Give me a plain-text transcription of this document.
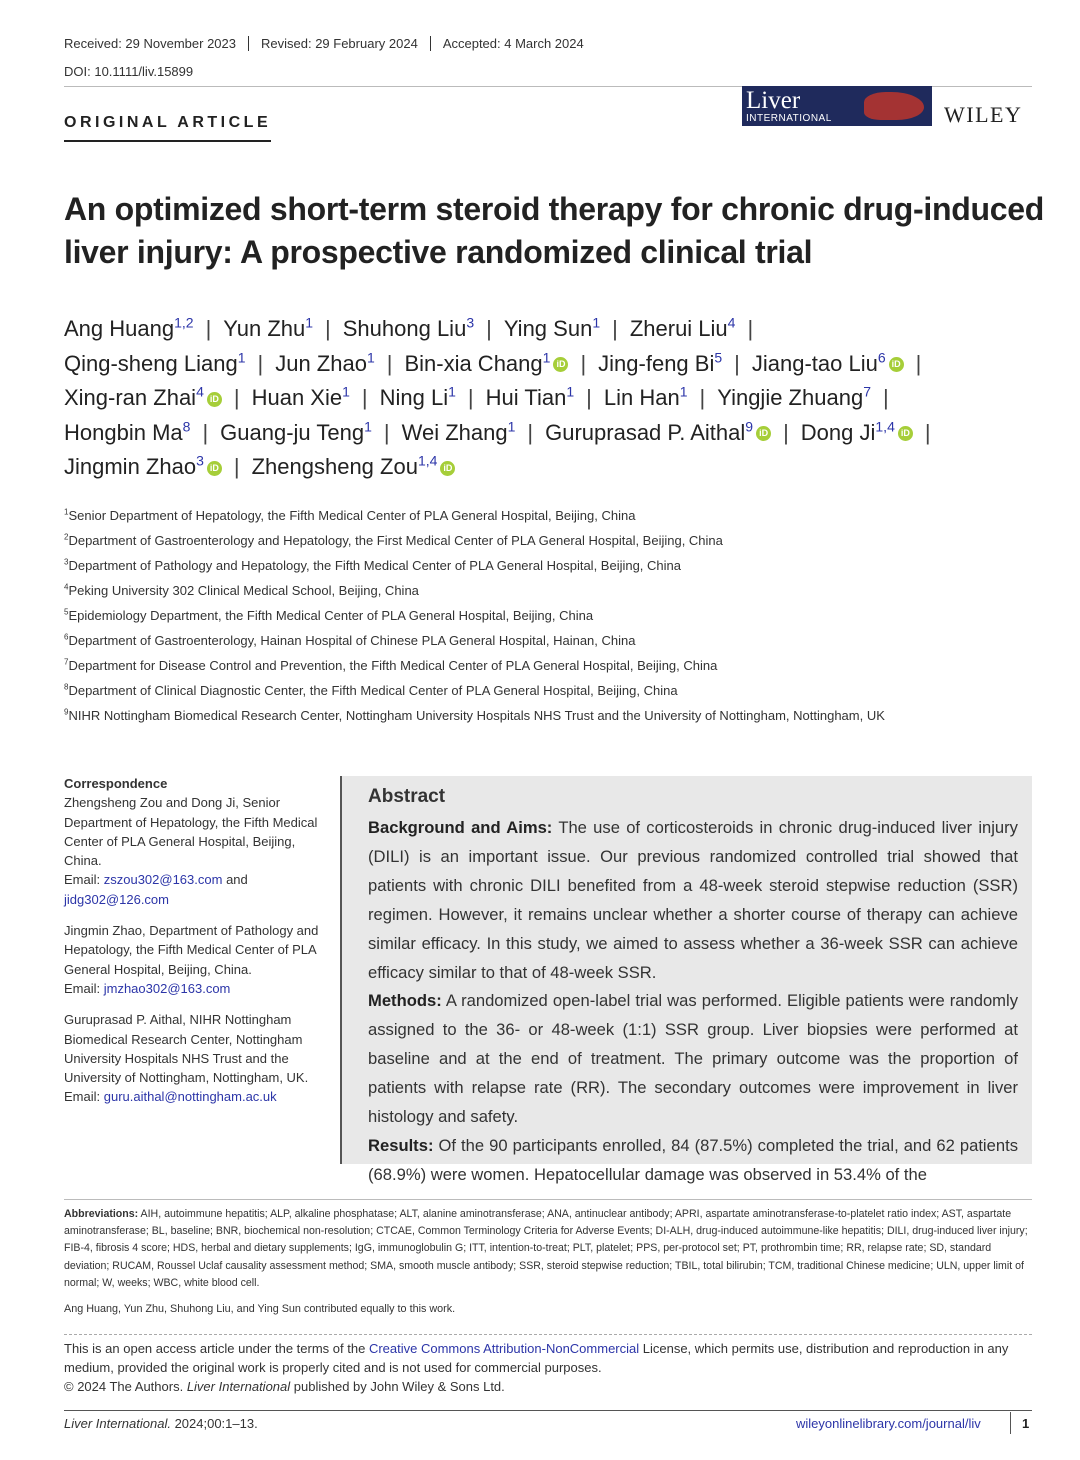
Received: 29 November 2023	Revised: 29 February 2024	Accepted: 4 March 2024
DOI: 10.1111/liv.15899
ORIGINAL ARTICLE
Liver
INTERNATIONAL	WILEY
An optimized short-term steroid therapy for chronic drug-induced liver injury: A prospective randomized clinical trial
Ang Huang$^{1,2}$ | Yun Zhu$^1$ | Shuhong Liu$^3$ | Ying Sun$^1$ | Zherui Liu$^4$ |
Qing-sheng Liang$^1$ | Jun Zhao$^1$ | Bin-xia Chang$^1$ iD | Jing-feng Bi$^5$ | Jiang-tao Liu$^6$ iD |
Xing-ran Zhai$^4$ iD | Huan Xie$^1$ | Ning Li$^1$ | Hui Tian$^1$ | Lin Han$^1$ | Yingjie Zhuang$^7$ |
Hongbin Ma$^8$ | Guang-ju Teng$^1$ | Wei Zhang$^1$ | Guruprasad P. Aithal$^9$ iD | Dong Ji$^{1,4}$ iD |
Jingmin Zhao$^3$ iD | Zhengsheng Zou$^{1,4}$ iD
$^1$Senior Department of Hepatology, the Fifth Medical Center of PLA General Hospital, Beijing, China
$^2$Department of Gastroenterology and Hepatology, the First Medical Center of PLA General Hospital, Beijing, China
$^3$Department of Pathology and Hepatology, the Fifth Medical Center of PLA General Hospital, Beijing, China
$^4$Peking University 302 Clinical Medical School, Beijing, China
$^5$Epidemiology Department, the Fifth Medical Center of PLA General Hospital, Beijing, China
$^6$Department of Gastroenterology, Hainan Hospital of Chinese PLA General Hospital, Hainan, China
$^7$Department for Disease Control and Prevention, the Fifth Medical Center of PLA General Hospital, Beijing, China
$^8$Department of Clinical Diagnostic Center, the Fifth Medical Center of PLA General Hospital, Beijing, China
$^9$NIHR Nottingham Biomedical Research Center, Nottingham University Hospitals NHS Trust and the University of Nottingham, Nottingham, UK
Correspondence
Zhengsheng Zou and Dong Ji, Senior Department of Hepatology, the Fifth Medical Center of PLA General Hospital, Beijing, China.
Email: zszou302@163.com and jidg302@126.com
Jingmin Zhao, Department of Pathology and Hepatology, the Fifth Medical Center of PLA General Hospital, Beijing, China.
Email: jmzhao302@163.com
Guruprasad P. Aithal, NIHR Nottingham Biomedical Research Center, Nottingham University Hospitals NHS Trust and the University of Nottingham, Nottingham, UK.
Email: guru.aithal@nottingham.ac.uk
Abstract
Background and Aims: The use of corticosteroids in chronic drug-induced liver injury (DILI) is an important issue. Our previous randomized controlled trial showed that patients with chronic DILI benefited from a 48-week steroid stepwise reduction (SSR) regimen. However, it remains unclear whether a shorter course of therapy can achieve similar efficacy. In this study, we aimed to assess whether a 36-week SSR can achieve efficacy similar to that of 48-week SSR.
Methods: A randomized open-label trial was performed. Eligible patients were randomly assigned to the 36- or 48-week (1:1) SSR group. Liver biopsies were performed at baseline and at the end of treatment. The primary outcome was the proportion of patients with relapse rate (RR). The secondary outcomes were improvement in liver histology and safety.
Results: Of the 90 participants enrolled, 84 (87.5%) completed the trial, and 62 patients (68.9%) were women. Hepatocellular damage was observed in 53.4% of the
Abbreviations: AIH, autoimmune hepatitis; ALP, alkaline phosphatase; ALT, alanine aminotransferase; ANA, antinuclear antibody; APRI, aspartate aminotransferase-to-platelet ratio index; AST, aspartate aminotransferase; BL, baseline; BNR, biochemical non-resolution; CTCAE, Common Terminology Criteria for Adverse Events; DI-ALH, drug-induced autoimmune-like hepatitis; DILI, drug-induced liver injury; FIB-4, fibrosis 4 score; HDS, herbal and dietary supplements; IgG, immunoglobulin G; ITT, intention-to-treat; PLT, platelet; PPS, per-protocol set; PT, prothrombin time; RR, relapse rate; SD, standard deviation; RUCAM, Roussel Uclaf causality assessment method; SMA, smooth muscle antibody; SSR, steroid stepwise reduction; TBIL, total bilirubin; TCM, traditional Chinese medicine; ULN, upper limit of normal; W, weeks; WBC, white blood cell.
Ang Huang, Yun Zhu, Shuhong Liu, and Ying Sun contributed equally to this work.
This is an open access article under the terms of the Creative Commons Attribution-NonCommercial License, which permits use, distribution and reproduction in any medium, provided the original work is properly cited and is not used for commercial purposes.
© 2024 The Authors. Liver International published by John Wiley & Sons Ltd.
Liver International. 2024;00:1–13.	wileyonlinelibrary.com/journal/liv	1
